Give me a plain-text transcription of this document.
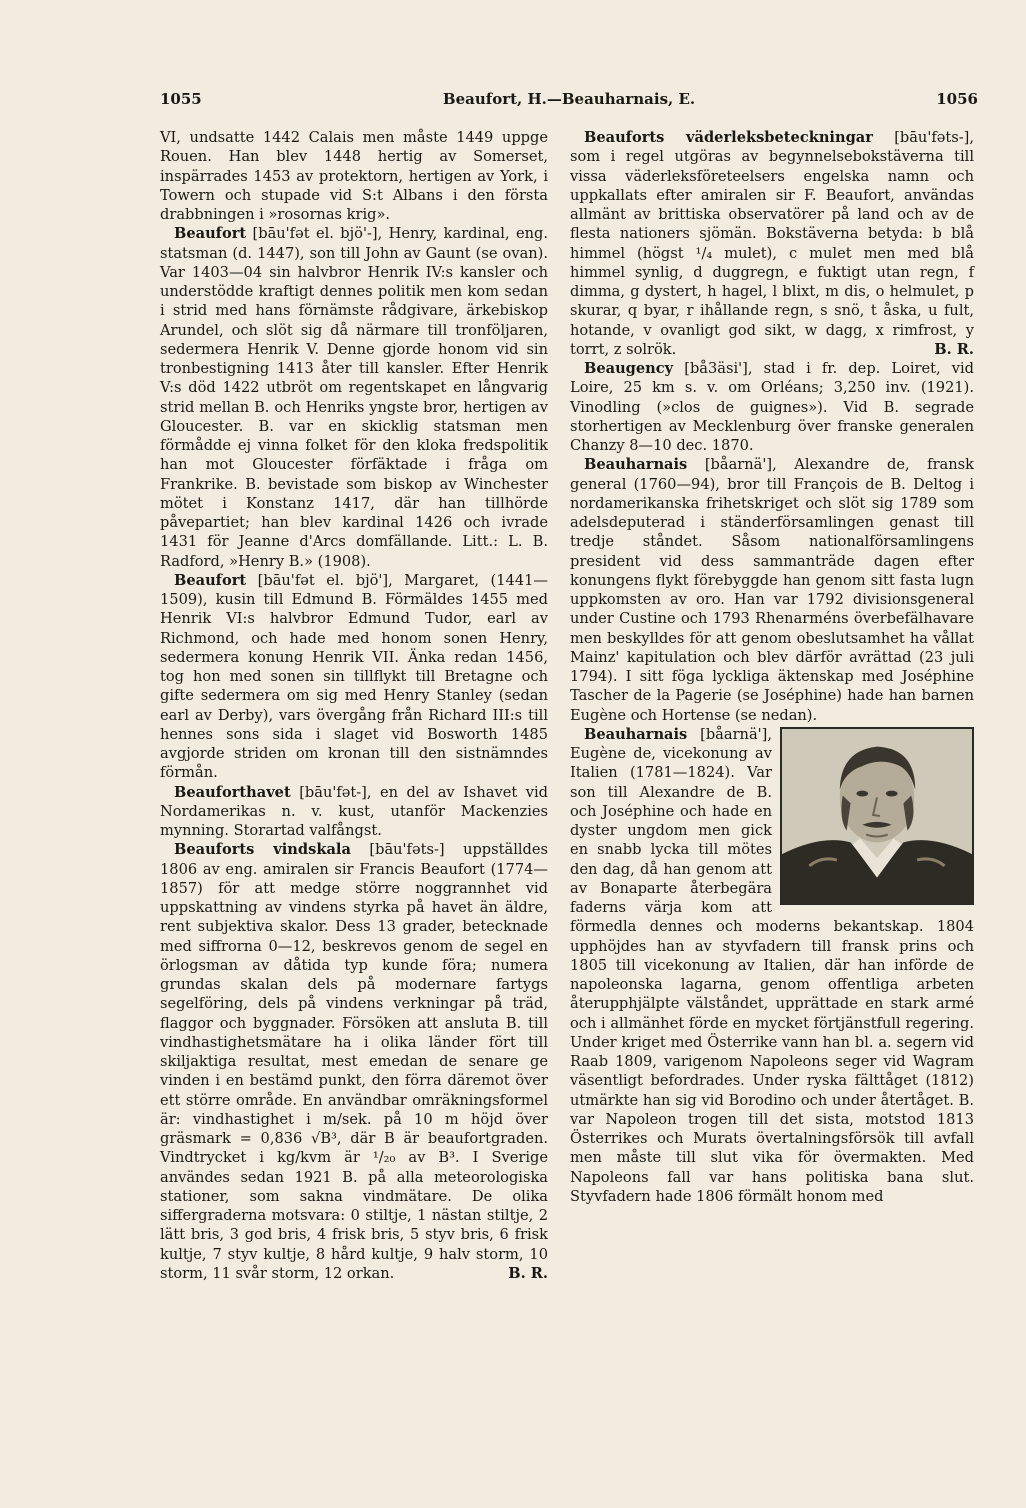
1055	Beaufort, H.—Beauharnais, E.	1056

VI, undsatte 1442 Calais men måste 1449 uppge Rouen. Han blev 1448 hertig av Somerset, inspärrades 1453 av protektorn, hertigen av York, i Towern och stupade vid S:t Albans i den första drabbningen i »rosornas krig».

Beaufort [bāu'fət el. bjö'-], Henry, kardinal, eng. statsman (d. 1447), son till John av Gaunt (se ovan). Var 1403—04 sin halvbror Henrik IV:s kansler och understödde kraftigt dennes politik men kom sedan i strid med hans förnämste rådgivare, ärkebiskop Arundel, och slöt sig då närmare till tronföljaren, sedermera Henrik V. Denne gjorde honom vid sin tronbestigning 1413 åter till kansler. Efter Henrik V:s död 1422 utbröt om regentskapet en långvarig strid mellan B. och Henriks yngste bror, hertigen av Gloucester. B. var en skicklig statsman men förmådde ej vinna folket för den kloka fredspolitik han mot Gloucester förfäktade i fråga om Frankrike. B. bevistade som biskop av Winchester mötet i Konstanz 1417, där han tillhörde påvepartiet; han blev kardinal 1426 och ivrade 1431 för Jeanne d'Arcs domfällande. Litt.: L. B. Radford, »Henry B.» (1908).

Beaufort [bāu'fət el. bjö'], Margaret, (1441—1509), kusin till Edmund B. Förmäldes 1455 med Henrik VI:s halvbror Edmund Tudor, earl av Richmond, och hade med honom sonen Henry, sedermera konung Henrik VII. Änka redan 1456, tog hon med sonen sin tillflykt till Bretagne och gifte sedermera om sig med Henry Stanley (sedan earl av Derby), vars övergång från Richard III:s till hennes sons sida i slaget vid Bosworth 1485 avgjorde striden om kronan till den sistnämndes förmån.

Beauforthavet [bāu'fət-], en del av Ishavet vid Nordamerikas n. v. kust, utanför Mackenzies mynning. Storartad valfångst.

Beauforts vindskala [bāu'fəts-] uppställdes 1806 av eng. amiralen sir Francis Beaufort (1774—1857) för att medge större noggrannhet vid uppskattning av vindens styrka på havet än äldre, rent subjektiva skalor. Dess 13 grader, betecknade med siffrorna 0—12, beskrevos genom de segel en örlogsman av dåtida typ kunde föra; numera grundas skalan dels på modernare fartygs segelföring, dels på vindens verkningar på träd, flaggor och byggnader. Försöken att ansluta B. till vindhastighetsmätare ha i olika länder fört till skiljaktiga resultat, mest emedan de senare ge vinden i en bestämd punkt, den förra däremot över ett större område. En användbar omräkningsformel är: vindhastighet i m/sek. på 10 m höjd över gräsmark = 0,836 √B³, där B är beaufortgraden. Vindtrycket i kg/kvm är ¹/₂₀ av B³. I Sverige användes sedan 1921 B. på alla meteorologiska stationer, som sakna vindmätare. De olika siffergraderna motsvara: 0 stiltje, 1 nästan stiltje, 2 lätt bris, 3 god bris, 4 frisk bris, 5 styv bris, 6 frisk kultje, 7 styv kultje, 8 hård kultje, 9 halv storm, 10 storm, 11 svår storm, 12 orkan.	B. R.

Beauforts väderleksbeteckningar [bāu'fəts-], som i regel utgöras av begynnelsebokstäverna till vissa väderleksföreteelsers engelska namn och uppkallats efter amiralen sir F. Beaufort, användas allmänt av brittiska observatörer på land och av de flesta nationers sjömän. Bokstäverna betyda: b blå himmel (högst ¹/₄ mulet), c mulet men med blå himmel synlig, d duggregn, e fuktigt utan regn, f dimma, g dystert, h hagel, l blixt, m dis, o helmulet, p skurar, q byar, r ihållande regn, s snö, t åska, u fult, hotande, v ovanligt god sikt, w dagg, x rimfrost, y torrt, z solrök.	B. R.

Beaugency [bå3äsi'], stad i fr. dep. Loiret, vid Loire, 25 km s. v. om Orléans; 3,250 inv. (1921). Vinodling (»clos de guignes»). Vid B. segrade storhertigen av Mecklenburg över franske generalen Chanzy 8—10 dec. 1870.

Beauharnais [båarnä'], Alexandre de, fransk general (1760—94), bror till François de B. Deltog i nordamerikanska frihetskriget och slöt sig 1789 som adelsdeputerad i ständerförsamlingen genast till tredje ståndet. Såsom nationalförsamlingens president vid dess sammanträde dagen efter konungens flykt förebyggde han genom sitt fasta lugn uppkomsten av oro. Han var 1792 divisionsgeneral under Custine och 1793 Rhenarméns överbefälhavare men beskylldes för att genom obeslutsamhet ha vållat Mainz' kapitulation och blev därför avrättad (23 juli 1794). I sitt föga lyckliga äktenskap med Joséphine Tascher de la Pagerie (se Joséphine) hade han barnen Eugène och Hortense (se nedan).

Beauharnais [båarnä'], Eugène de, vicekonung av Italien (1781—1824). Var son till Alexandre de B. och Joséphine och hade en dyster ungdom men gick en snabb lycka till mötes den dag, då han genom att av Bonaparte återbegära faderns värja kom att förmedla dennes och moderns bekantskap. 1804 upphöjdes han av styvfadern till fransk prins och 1805 till vicekonung av Italien, där han införde de napoleonska lagarna, genom offentliga arbeten återupphjälpte välståndet, upprättade en stark armé och i allmänhet förde en mycket förtjänstfull regering. Under kriget med Österrike vann han bl. a. segern vid Raab 1809, varigenom Napoleons seger vid Wagram väsentligt befordrades. Under ryska fälttåget (1812) utmärkte han sig vid Borodino och under återtåget. B. var Napoleon trogen till det sista, motstod 1813 Österrikes och Murats övertalningsförsök till avfall men måste till slut vika för övermakten. Med Napoleons fall var hans politiska bana slut. Styvfadern hade 1806 förmält honom med
